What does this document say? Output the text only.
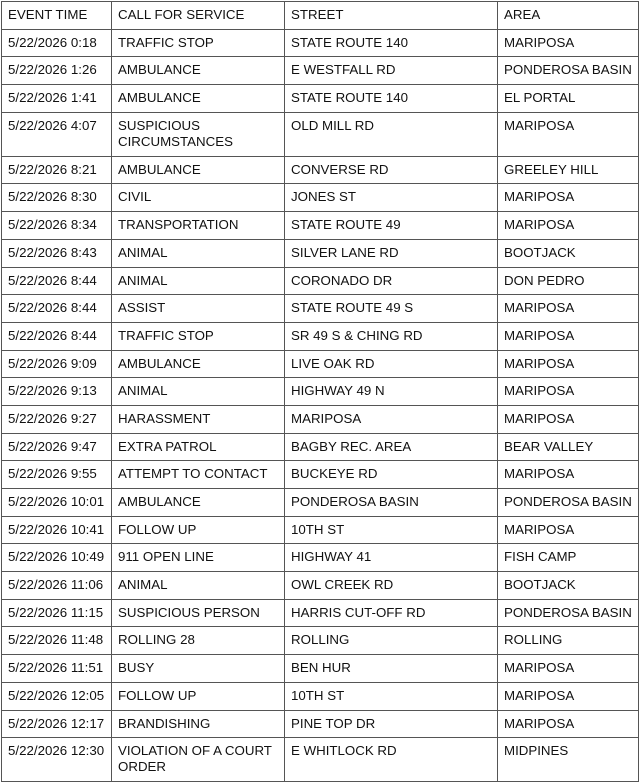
EVENT TIME	CALL FOR SERVICE	STREET	AREA
5/22/2026 0:18	TRAFFIC STOP	STATE ROUTE 140	MARIPOSA
5/22/2026 1:26	AMBULANCE	E WESTFALL RD	PONDEROSA BASIN
5/22/2026 1:41	AMBULANCE	STATE ROUTE 140	EL PORTAL
5/22/2026 4:07	SUSPICIOUS CIRCUMSTANCES	OLD MILL RD	MARIPOSA
5/22/2026 8:21	AMBULANCE	CONVERSE RD	GREELEY HILL
5/22/2026 8:30	CIVIL	JONES ST	MARIPOSA
5/22/2026 8:34	TRANSPORTATION	STATE ROUTE 49	MARIPOSA
5/22/2026 8:43	ANIMAL	SILVER LANE RD	BOOTJACK
5/22/2026 8:44	ANIMAL	CORONADO DR	DON PEDRO
5/22/2026 8:44	ASSIST	STATE ROUTE 49 S	MARIPOSA
5/22/2026 8:44	TRAFFIC STOP	SR 49 S & CHING RD	MARIPOSA
5/22/2026 9:09	AMBULANCE	LIVE OAK RD	MARIPOSA
5/22/2026 9:13	ANIMAL	HIGHWAY 49 N	MARIPOSA
5/22/2026 9:27	HARASSMENT	MARIPOSA	MARIPOSA
5/22/2026 9:47	EXTRA PATROL	BAGBY REC. AREA	BEAR VALLEY
5/22/2026 9:55	ATTEMPT TO CONTACT	BUCKEYE RD	MARIPOSA
5/22/2026 10:01	AMBULANCE	PONDEROSA BASIN	PONDEROSA BASIN
5/22/2026 10:41	FOLLOW UP	10TH ST	MARIPOSA
5/22/2026 10:49	911 OPEN LINE	HIGHWAY 41	FISH CAMP
5/22/2026 11:06	ANIMAL	OWL CREEK RD	BOOTJACK
5/22/2026 11:15	SUSPICIOUS PERSON	HARRIS CUT-OFF RD	PONDEROSA BASIN
5/22/2026 11:48	ROLLING 28	ROLLING	ROLLING
5/22/2026 11:51	BUSY	BEN HUR	MARIPOSA
5/22/2026 12:05	FOLLOW UP	10TH ST	MARIPOSA
5/22/2026 12:17	BRANDISHING	PINE TOP DR	MARIPOSA
5/22/2026 12:30	VIOLATION OF A COURT ORDER	E WHITLOCK RD	MIDPINES
